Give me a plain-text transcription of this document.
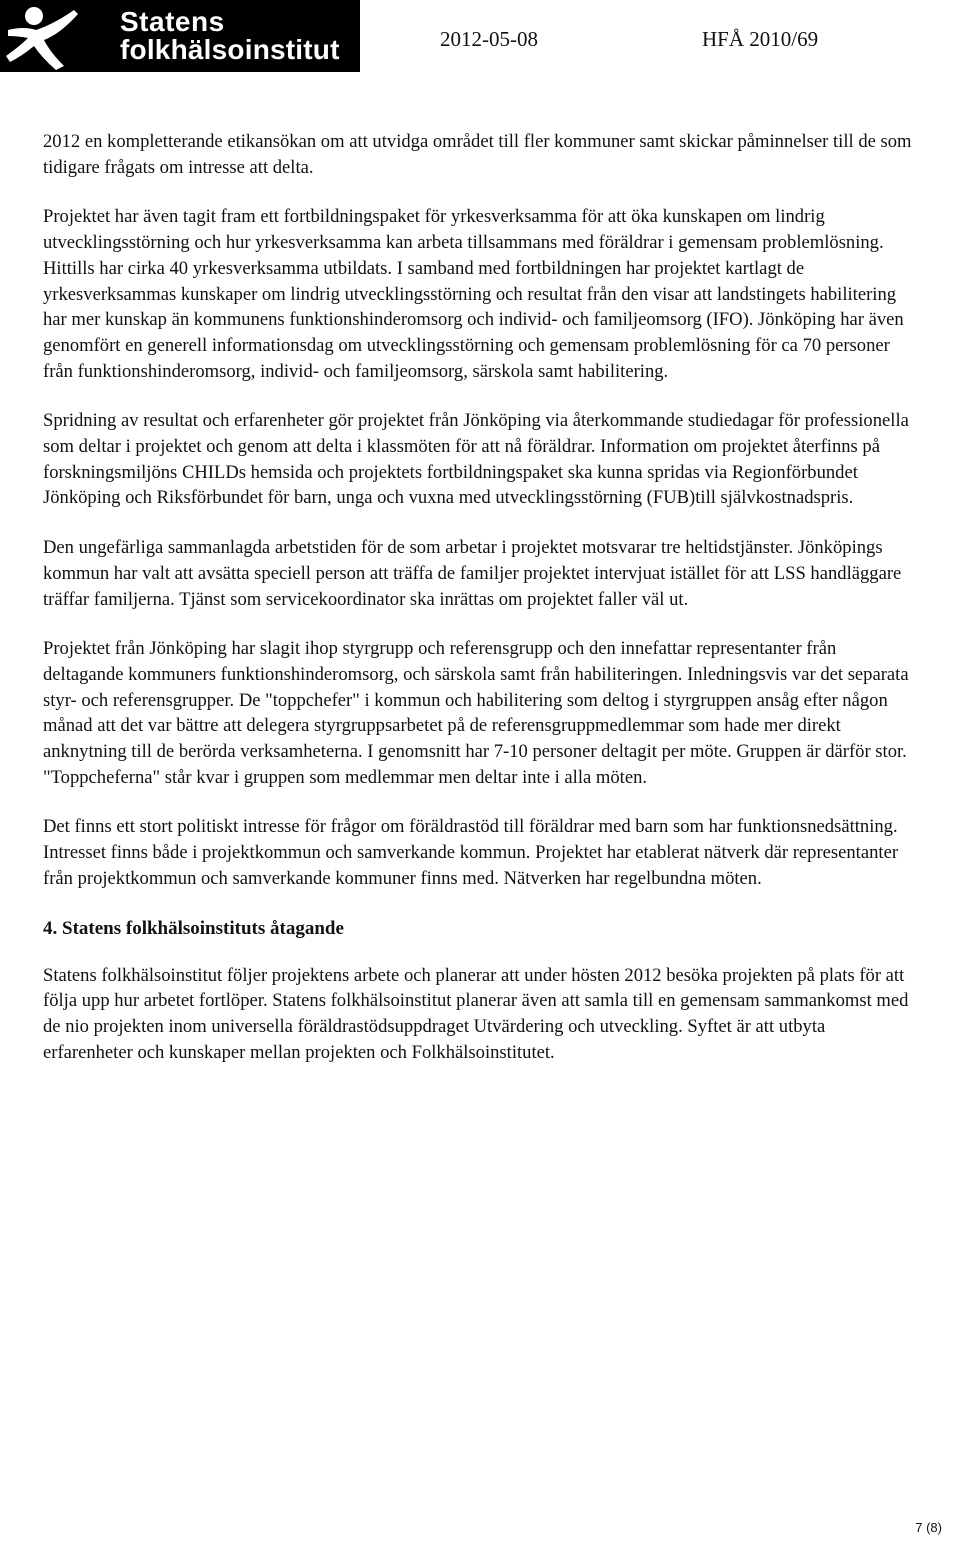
Statens
folkhälsoinstitut	2012-05-08	HFÅ 2010/69

2012 en kompletterande etikansökan om att utvidga området till fler kommuner samt skickar påminnelser till de som tidigare frågats om intresse att delta.

Projektet har även tagit fram ett fortbildningspaket för yrkesverksamma för att öka kunskapen om lindrig utvecklingsstörning och hur yrkesverksamma kan arbeta tillsammans med föräldrar i gemensam problemlösning. Hittills har cirka 40 yrkesverksamma utbildats. I samband med fortbildningen har projektet kartlagt de yrkesverksammas kunskaper om lindrig utvecklingsstörning och resultat från den visar att landstingets habilitering har mer kunskap än kommunens funktionshinderomsorg och individ- och familjeomsorg (IFO). Jönköping har även genomfört en generell informationsdag om utvecklingsstörning och gemensam problemlösning för ca 70 personer från funktionshinderomsorg, individ- och familjeomsorg, särskola samt habilitering.

Spridning av resultat och erfarenheter gör projektet från Jönköping via återkommande studiedagar för professionella som deltar i projektet och genom att delta i klassmöten för att nå föräldrar. Information om projektet återfinns på forskningsmiljöns CHILDs hemsida och projektets fortbildningspaket ska kunna spridas via Regionförbundet Jönköping och Riksförbundet för barn, unga och vuxna med utvecklingsstörning (FUB)till självkostnadspris.

Den ungefärliga sammanlagda arbetstiden för de som arbetar i projektet motsvarar tre heltidstjänster. Jönköpings kommun har valt att avsätta speciell person att träffa de familjer projektet intervjuat istället för att LSS handläggare träffar familjerna. Tjänst som servicekoordinator ska inrättas om projektet faller väl ut.

Projektet från Jönköping har slagit ihop styrgrupp och referensgrupp och den innefattar representanter från deltagande kommuners funktionshinderomsorg, och särskola samt från habiliteringen. Inledningsvis var det separata styr- och referensgrupper. De "toppchefer" i kommun och habilitering som deltog i styrgruppen ansåg efter någon månad att det var bättre att delegera styrgruppsarbetet på de referensgruppmedlemmar som hade mer direkt anknytning till de berörda verksamheterna. I genomsnitt har 7-10 personer deltagit per möte. Gruppen är därför stor. "Toppcheferna" står kvar i gruppen som medlemmar men deltar inte i alla möten.

Det finns ett stort politiskt intresse för frågor om föräldrastöd till föräldrar med barn som har funktionsnedsättning. Intresset finns både i projektkommun och samverkande kommun. Projektet har etablerat nätverk där representanter från projektkommun och samverkande kommuner finns med. Nätverken har regelbundna möten.

4. Statens folkhälsoinstituts åtagande

Statens folkhälsoinstitut följer projektens arbete och planerar att under hösten 2012 besöka projekten på plats för att följa upp hur arbetet fortlöper. Statens folkhälsoinstitut planerar även att samla till en gemensam sammankomst med de nio projekten inom universella föräldrastödsuppdraget Utvärdering och utveckling. Syftet är att utbyta erfarenheter och kunskaper mellan projekten och Folkhälsoinstitutet.

7 (8)
